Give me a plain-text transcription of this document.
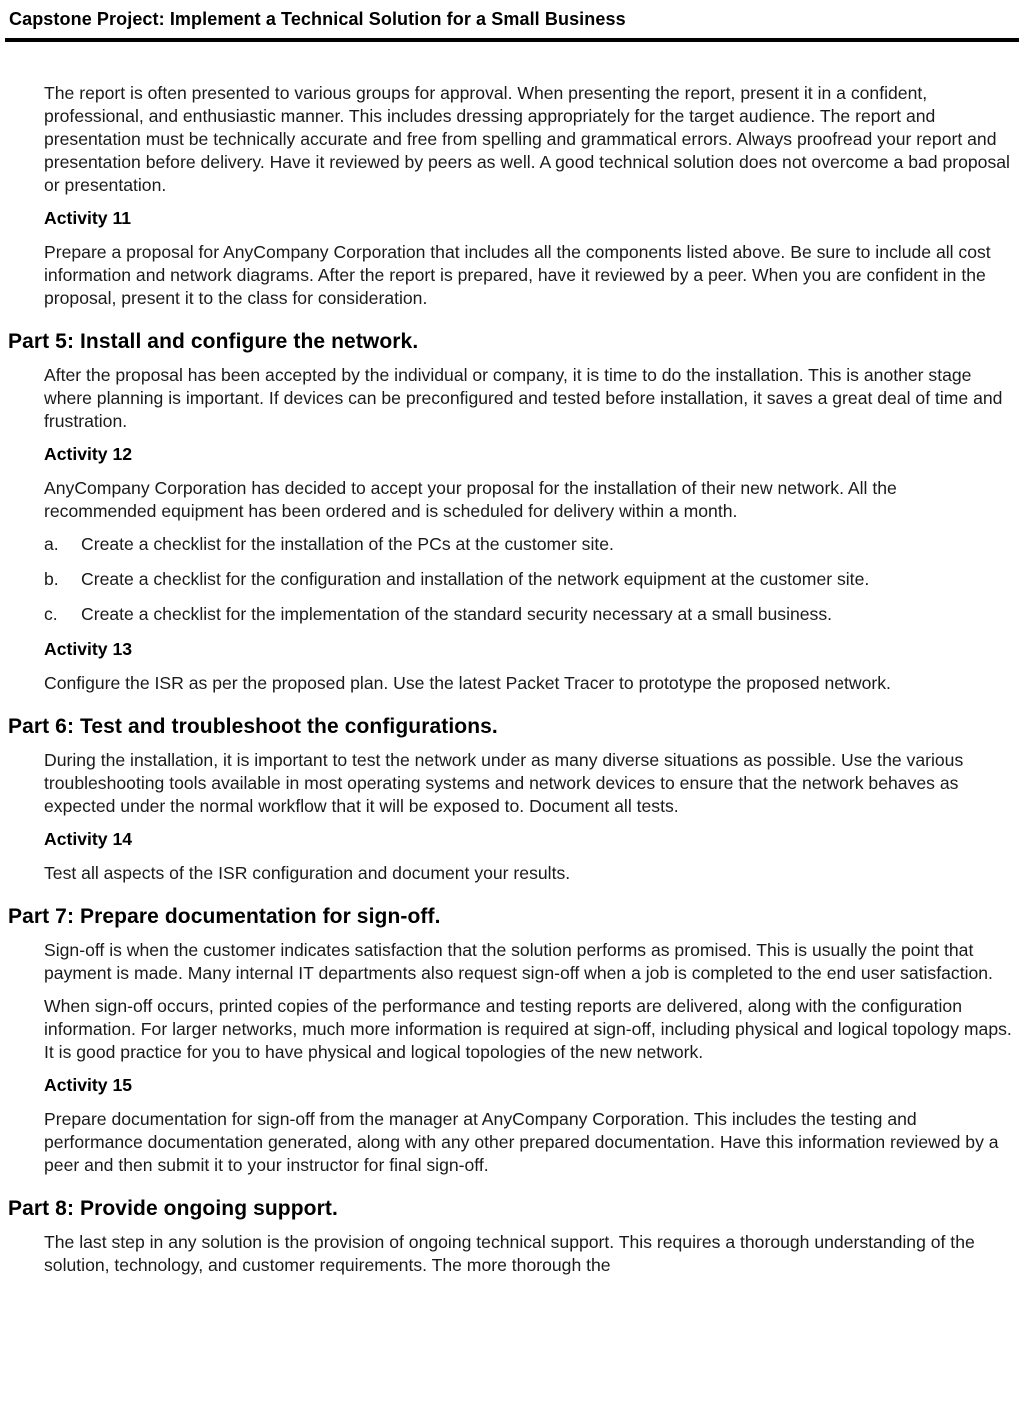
Capstone Project: Implement a Technical Solution for a Small Business

The report is often presented to various groups for approval. When presenting the report, present it in a confident, professional, and enthusiastic manner. This includes dressing appropriately for the target audience. The report and presentation must be technically accurate and free from spelling and grammatical errors. Always proofread your report and presentation before delivery. Have it reviewed by peers as well. A good technical solution does not overcome a bad proposal or presentation.

Activity 11

Prepare a proposal for AnyCompany Corporation that includes all the components listed above. Be sure to include all cost information and network diagrams. After the report is prepared, have it reviewed by a peer. When you are confident in the proposal, present it to the class for consideration.

Part 5: Install and configure the network.

After the proposal has been accepted by the individual or company, it is time to do the installation. This is another stage where planning is important. If devices can be preconfigured and tested before installation, it saves a great deal of time and frustration.

Activity 12

AnyCompany Corporation has decided to accept your proposal for the installation of their new network. All the recommended equipment has been ordered and is scheduled for delivery within a month.

a.	Create a checklist for the installation of the PCs at the customer site.
b.	Create a checklist for the configuration and installation of the network equipment at the customer site.
c.	Create a checklist for the implementation of the standard security necessary at a small business.
Activity 13

Configure the ISR as per the proposed plan. Use the latest Packet Tracer to prototype the proposed network.

Part 6: Test and troubleshoot the configurations.

During the installation, it is important to test the network under as many diverse situations as possible. Use the various troubleshooting tools available in most operating systems and network devices to ensure that the network behaves as expected under the normal workflow that it will be exposed to. Document all tests.

Activity 14

Test all aspects of the ISR configuration and document your results.

Part 7: Prepare documentation for sign-off.

Sign-off is when the customer indicates satisfaction that the solution performs as promised. This is usually the point that payment is made. Many internal IT departments also request sign-off when a job is completed to the end user satisfaction.

When sign-off occurs, printed copies of the performance and testing reports are delivered, along with the configuration information. For larger networks, much more information is required at sign-off, including physical and logical topology maps. It is good practice for you to have physical and logical topologies of the new network.

Activity 15

Prepare documentation for sign-off from the manager at AnyCompany Corporation. This includes the testing and performance documentation generated, along with any other prepared documentation. Have this information reviewed by a peer and then submit it to your instructor for final sign-off.

Part 8: Provide ongoing support.

The last step in any solution is the provision of ongoing technical support. This requires a thorough understanding of the solution, technology, and customer requirements. The more thorough the
